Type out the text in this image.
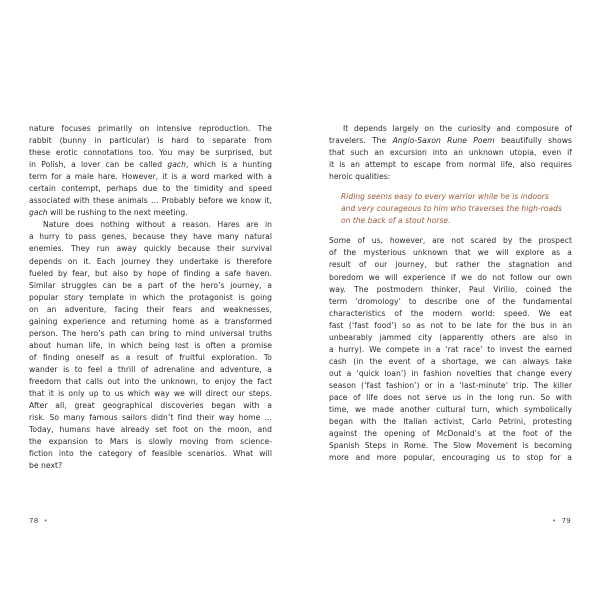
nature focuses primarily on intensive reproduction. The
rabbit (bunny in particular) is hard to separate from
these erotic connotations too. You may be surprised, but
in Polish, a lover can be called gach, which is a hunting
term for a male hare. However, it is a word marked with a
certain contempt, perhaps due to the timidity and speed
associated with these animals ... Probably before we know it,
gach will be rushing to the next meeting.
Nature does nothing without a reason. Hares are in
a hurry to pass genes, because they have many natural
enemies. They run away quickly because their survival
depends on it. Each journey they undertake is therefore
fueled by fear, but also by hope of finding a safe haven.
Similar struggles can be a part of the hero’s journey, a
popular story template in which the protagonist is going
on an adventure, facing their fears and weaknesses,
gaining experience and returning home as a transformed
person. The hero’s path can bring to mind universal truths
about human life, in which being lost is often a promise
of finding oneself as a result of fruitful exploration. To
wander is to feel a thrill of adrenaline and adventure, a
freedom that calls out into the unknown, to enjoy the fact
that it is only up to us which way we will direct our steps.
After all, great geographical discoveries began with a
risk. So many famous sailors didn’t find their way home ...
Today, humans have already set foot on the moon, and
the expansion to Mars is slowly moving from science-
fiction into the category of feasible scenarios. What will
be next?
78 •
It depends largely on the curiosity and composure of
travelers. The Anglo-Saxon Rune Poem beautifully shows
that such an excursion into an unknown utopia, even if
it is an attempt to escape from normal life, also requires
heroic qualities:
Riding seems easy to every warrior while he is indoors
and very courageous to him who traverses the high-roads
on the back of a stout horse.
Some of us, however, are not scared by the prospect
of the mysterious unknown that we will explore as a
result of our journey, but rather the stagnation and
boredom we will experience if we do not follow our own
way. The postmodern thinker, Paul Virilio, coined the
term ‘dromology’ to describe one of the fundamental
characteristics of the modern world: speed. We eat
fast (‘fast food’) so as not to be late for the bus in an
unbearably jammed city (apparently others are also in
a hurry). We compete in a ‘rat race’ to invest the earned
cash (in the event of a shortage, we can always take
out a ‘quick loan’) in fashion novelties that change every
season (‘fast fashion’) or in a ‘last-minute’ trip. The killer
pace of life does not serve us in the long run. So with
time, we made another cultural turn, which symbolically
began with the Italian activist, Carlo Petrini, protesting
against the opening of McDonald’s at the foot of the
Spanish Steps in Rome. The Slow Movement is becoming
more and more popular, encouraging us to stop for a
• 79
